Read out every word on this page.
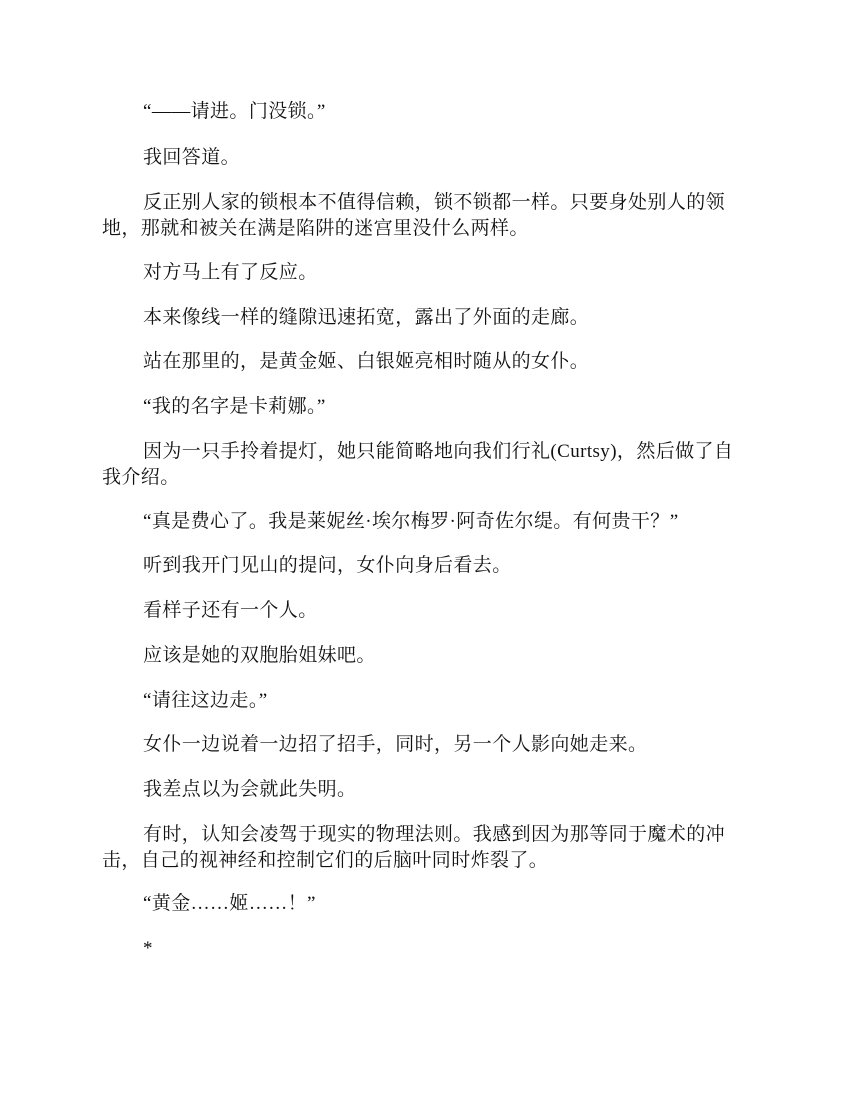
“——请进。门没锁。”

我回答道。

反正别人家的锁根本不值得信赖，锁不锁都一样。只要身处别人的领地，那就和被关在满是陷阱的迷宫里没什么两样。

对方马上有了反应。

本来像线一样的缝隙迅速拓宽，露出了外面的走廊。

站在那里的，是黄金姬、白银姬亮相时随从的女仆。

“我的名字是卡莉娜。”

因为一只手拎着提灯，她只能简略地向我们行礼(Curtsy)，然后做了自我介绍。

“真是费心了。我是莱妮丝·埃尔梅罗·阿奇佐尔缇。有何贵干？”

听到我开门见山的提问，女仆向身后看去。

看样子还有一个人。

应该是她的双胞胎姐妹吧。

“请往这边走。”

女仆一边说着一边招了招手，同时，另一个人影向她走来。

我差点以为会就此失明。

有时，认知会凌驾于现实的物理法则。我感到因为那等同于魔术的冲击，自己的视神经和控制它们的后脑叶同时炸裂了。

“黄金……姬……！”

*
